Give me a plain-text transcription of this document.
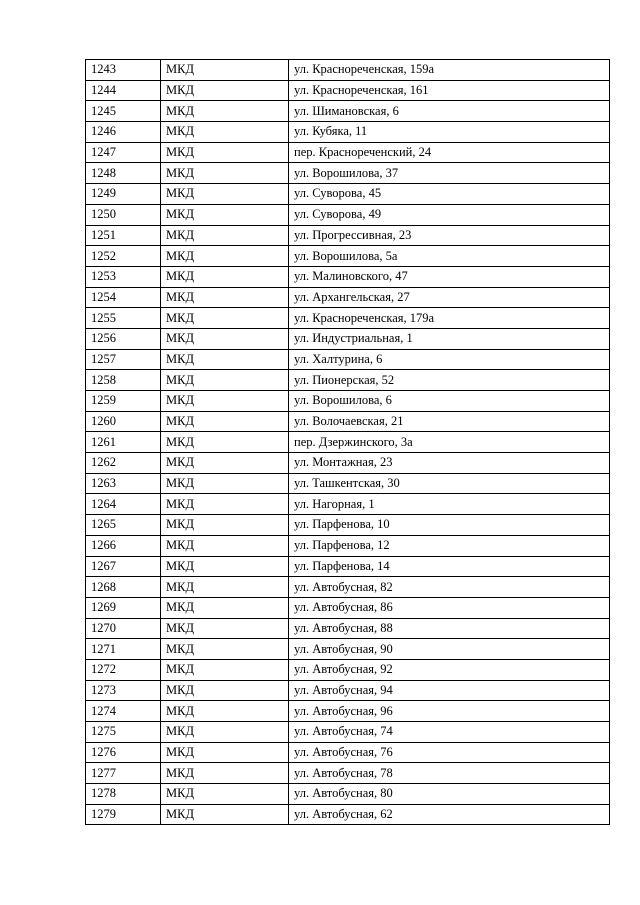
1243	МКД	ул. Краснореченская, 159а
1244	МКД	ул. Краснореченская, 161
1245	МКД	ул. Шимановская, 6
1246	МКД	ул. Кубяка, 11
1247	МКД	пер. Краснореченский, 24
1248	МКД	ул. Ворошилова, 37
1249	МКД	ул. Суворова, 45
1250	МКД	ул. Суворова, 49
1251	МКД	ул. Прогрессивная, 23
1252	МКД	ул. Ворошилова, 5а
1253	МКД	ул. Малиновского, 47
1254	МКД	ул. Архангельская, 27
1255	МКД	ул. Краснореченская, 179а
1256	МКД	ул. Индустриальная, 1
1257	МКД	ул. Халтурина, 6
1258	МКД	ул. Пионерская, 52
1259	МКД	ул. Ворошилова, 6
1260	МКД	ул. Волочаевская, 21
1261	МКД	пер. Дзержинского, 3а
1262	МКД	ул. Монтажная, 23
1263	МКД	ул. Ташкентская, 30
1264	МКД	ул. Нагорная, 1
1265	МКД	ул. Парфенова, 10
1266	МКД	ул. Парфенова, 12
1267	МКД	ул. Парфенова, 14
1268	МКД	ул. Автобусная, 82
1269	МКД	ул. Автобусная, 86
1270	МКД	ул. Автобусная, 88
1271	МКД	ул. Автобусная, 90
1272	МКД	ул. Автобусная, 92
1273	МКД	ул. Автобусная, 94
1274	МКД	ул. Автобусная, 96
1275	МКД	ул. Автобусная, 74
1276	МКД	ул. Автобусная, 76
1277	МКД	ул. Автобусная, 78
1278	МКД	ул. Автобусная, 80
1279	МКД	ул. Автобусная, 62
